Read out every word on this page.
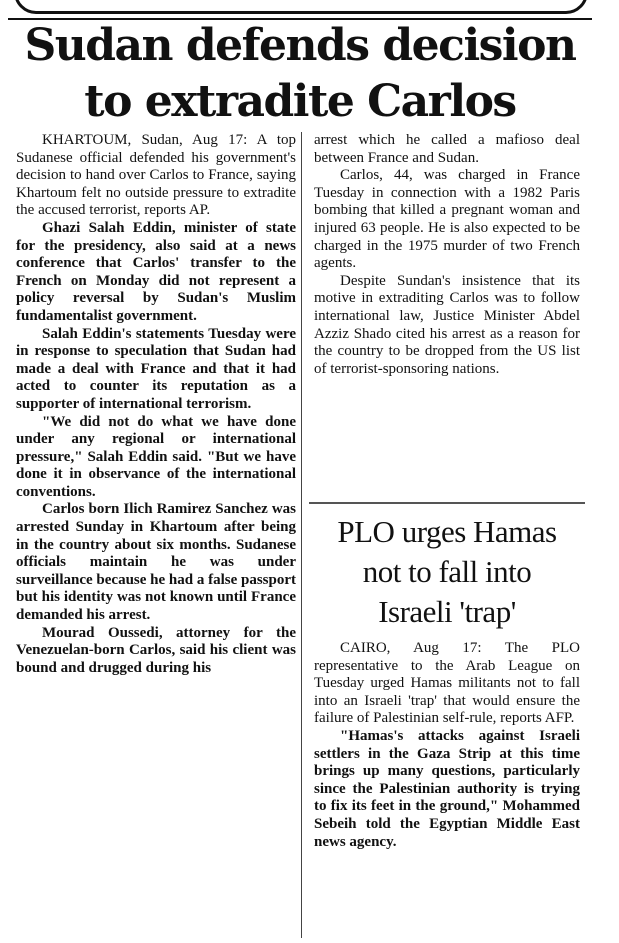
Sudan defends decision
to extradite Carlos

KHARTOUM, Sudan, Aug 17: A top Sudanese official defended his government's decision to hand over Carlos to France, saying Khartoum felt no outside pressure to extradite the accused terrorist, reports AP.

Ghazi Salah Eddin, minister of state for the presidency, also said at a news conference that Carlos' transfer to the French on Monday did not represent a policy reversal by Sudan's Muslim fundamentalist government.

Salah Eddin's statements Tuesday were in response to speculation that Sudan had made a deal with France and that it had acted to counter its reputation as a supporter of international terrorism.

"We did not do what we have done under any regional or international pressure," Salah Eddin said. "But we have done it in observance of the international conventions.

Carlos born Ilich Ramirez Sanchez was arrested Sunday in Khartoum after being in the country about six months. Sudanese officials maintain he was under surveillance because he had a false passport but his identity was not known until France demanded his arrest.

Mourad Oussedi, attorney for the Venezuelan-born Carlos, said his client was bound and drugged during his

arrest which he called a mafioso deal between France and Sudan.

Carlos, 44, was charged in France Tuesday in connection with a 1982 Paris bombing that killed a pregnant woman and injured 63 people. He is also expected to be charged in the 1975 murder of two French agents.

Despite Sundan's insistence that its motive in extraditing Carlos was to follow international law, Justice Minister Abdel Azziz Shado cited his arrest as a reason for the country to be dropped from the US list of terrorist-sponsoring nations.

PLO urges Hamas
not to fall into
Israeli 'trap'

CAIRO, Aug 17: The PLO representative to the Arab League on Tuesday urged Hamas militants not to fall into an Israeli 'trap' that would ensure the failure of Palestinian self-rule, reports AFP.

"Hamas's attacks against Israeli settlers in the Gaza Strip at this time brings up many questions, particularly since the Palestinian authority is trying to fix its feet in the ground," Mohammed Sebeih told the Egyptian Middle East news agency.
